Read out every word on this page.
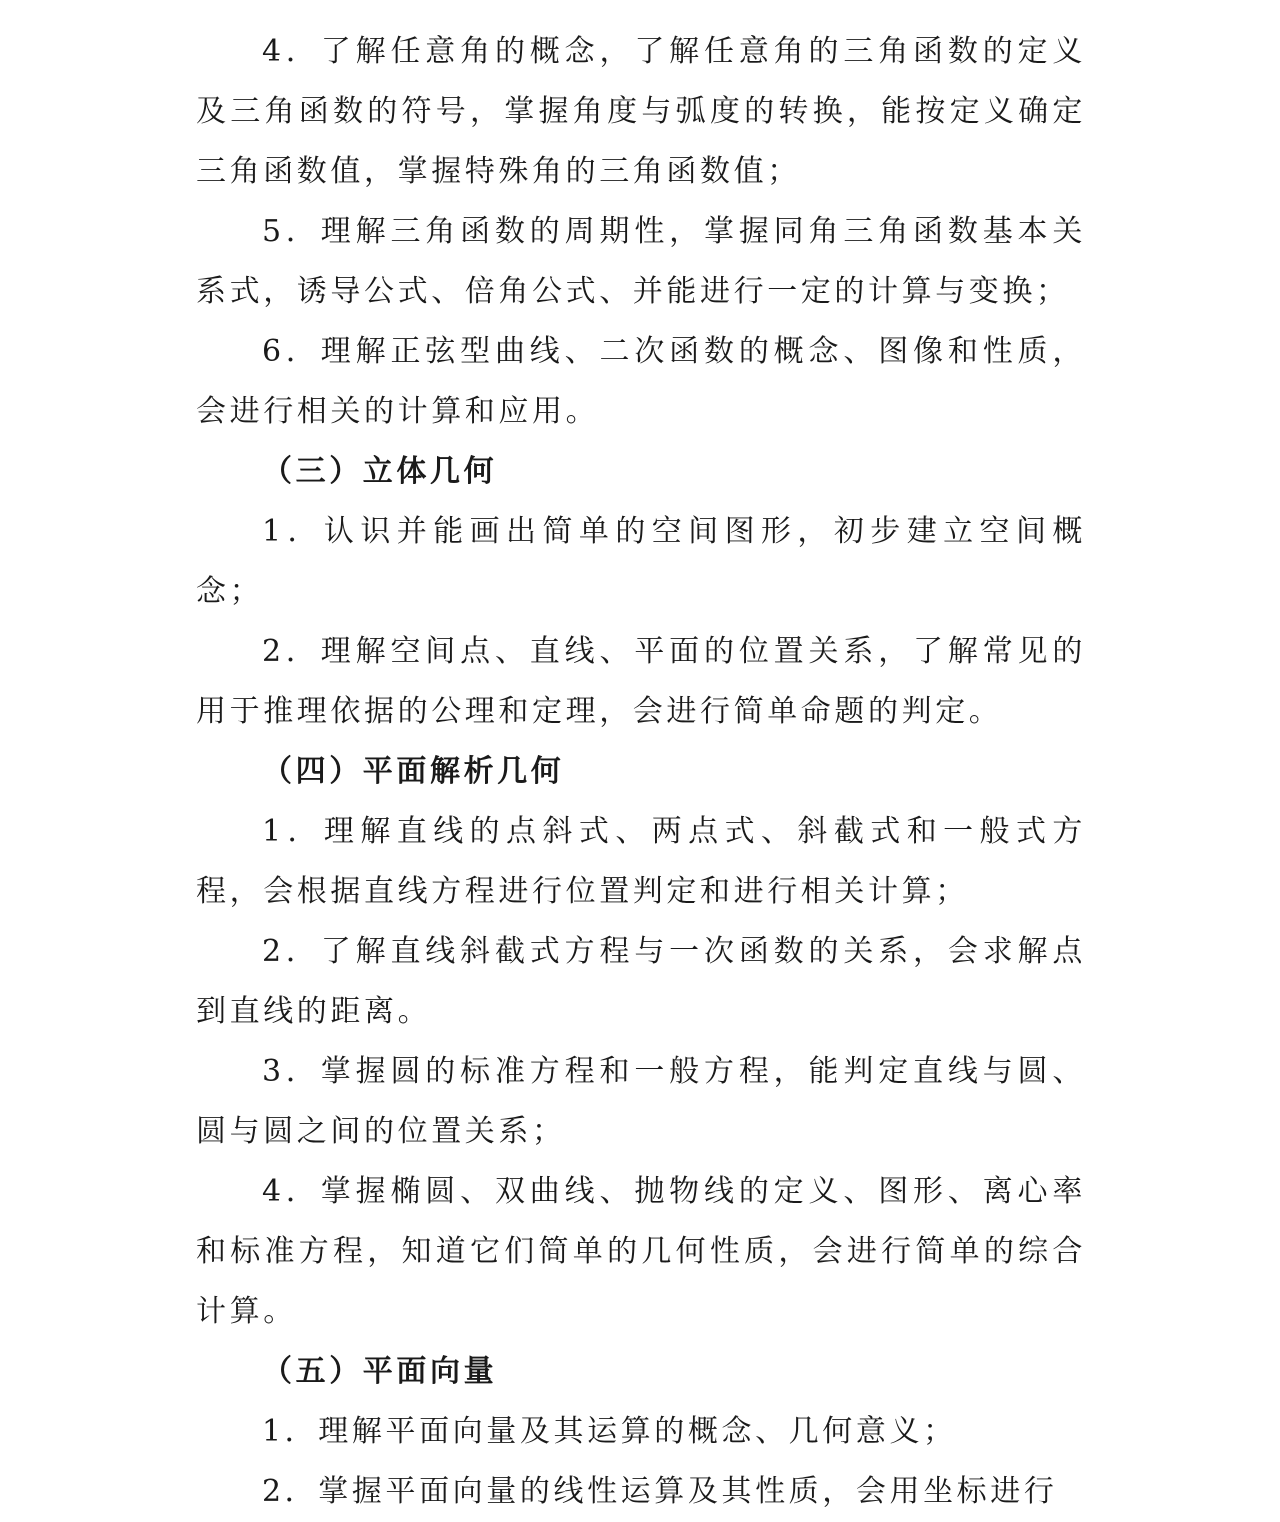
4．了解任意角的概念，了解任意角的三角函数的定义及三角函数的符号，掌握角度与弧度的转换，能按定义确定三角函数值，掌握特殊角的三角函数值；

5．理解三角函数的周期性，掌握同角三角函数基本关系式，诱导公式、倍角公式、并能进行一定的计算与变换；

6．理解正弦型曲线、二次函数的概念、图像和性质，会进行相关的计算和应用。

（三）立体几何

1．认识并能画出简单的空间图形，初步建立空间概念；

2．理解空间点、直线、平面的位置关系，了解常见的用于推理依据的公理和定理，会进行简单命题的判定。

（四）平面解析几何

1．理解直线的点斜式、两点式、斜截式和一般式方程，会根据直线方程进行位置判定和进行相关计算；

2．了解直线斜截式方程与一次函数的关系，会求解点到直线的距离。

3．掌握圆的标准方程和一般方程，能判定直线与圆、圆与圆之间的位置关系；

4．掌握椭圆、双曲线、抛物线的定义、图形、离心率和标准方程，知道它们简单的几何性质，会进行简单的综合计算。

（五）平面向量

1．理解平面向量及其运算的概念、几何意义；

2．掌握平面向量的线性运算及其性质，会用坐标进行
